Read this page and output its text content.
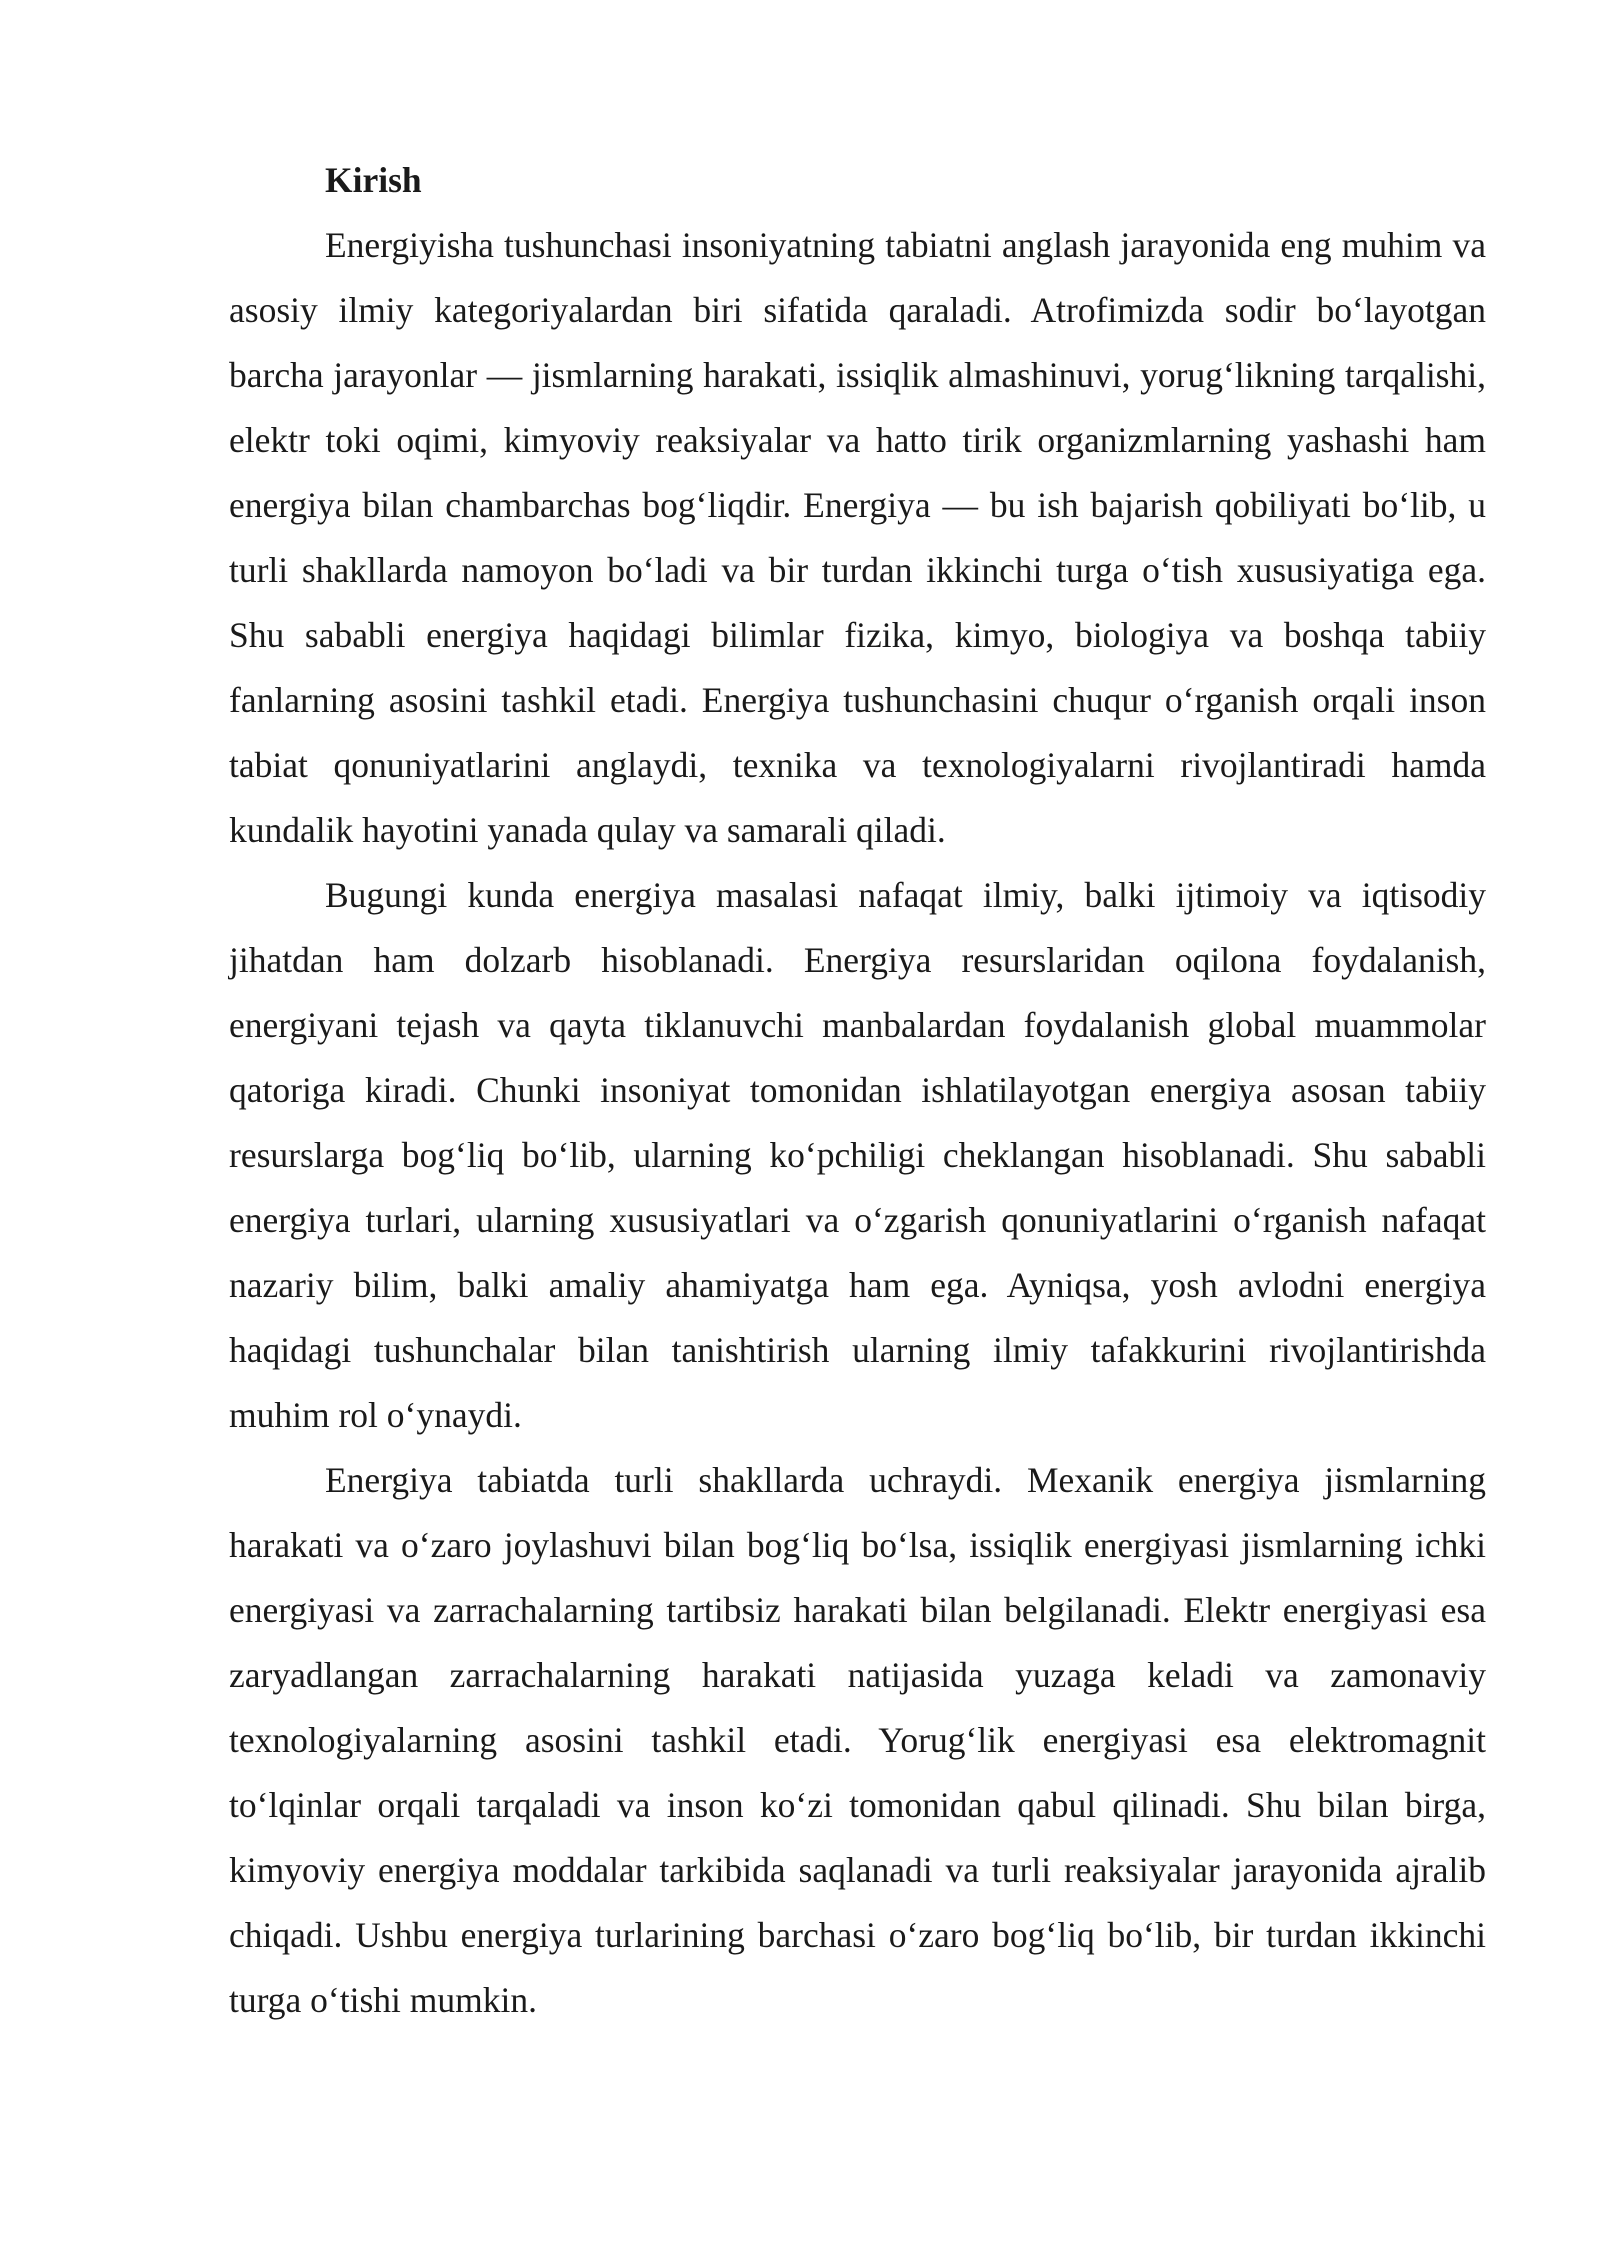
Kirish

Energiyisha tushunchasi insoniyatning tabiatni anglash jarayonida eng muhim va asosiy ilmiy kategoriyalardan biri sifatida qaraladi. Atrofimizda sodir bo‘layotgan barcha jarayonlar — jismlarning harakati, issiqlik almashinuvi, yorug‘likning tarqalishi, elektr toki oqimi, kimyoviy reaksiyalar va hatto tirik organizmlarning yashashi ham energiya bilan chambarchas bog‘liqdir. Energiya — bu ish bajarish qobiliyati bo‘lib, u turli shakllarda namoyon bo‘ladi va bir turdan ikkinchi turga o‘tish xususiyatiga ega. Shu sababli energiya haqidagi bilimlar fizika, kimyo, biologiya va boshqa tabiiy fanlarning asosini tashkil etadi. Energiya tushunchasini chuqur o‘rganish orqali inson tabiat qonuniyatlarini anglaydi, texnika va texnologiyalarni rivojlantiradi hamda kundalik hayotini yanada qulay va samarali qiladi.

Bugungi kunda energiya masalasi nafaqat ilmiy, balki ijtimoiy va iqtisodiy jihatdan ham dolzarb hisoblanadi. Energiya resurslaridan oqilona foydalanish, energiyani tejash va qayta tiklanuvchi manbalardan foydalanish global muammolar qatoriga kiradi. Chunki insoniyat tomonidan ishlatilayotgan energiya asosan tabiiy resurslarga bog‘liq bo‘lib, ularning ko‘pchiligi cheklangan hisoblanadi. Shu sababli energiya turlari, ularning xususiyatlari va o‘zgarish qonuniyatlarini o‘rganish nafaqat nazariy bilim, balki amaliy ahamiyatga ham ega. Ayniqsa, yosh avlodni energiya haqidagi tushunchalar bilan tanishtirish ularning ilmiy tafakkurini rivojlantirishda muhim rol o‘ynaydi.

Energiya tabiatda turli shakllarda uchraydi. Mexanik energiya jismlarning harakati va o‘zaro joylashuvi bilan bog‘liq bo‘lsa, issiqlik energiyasi jismlarning ichki energiyasi va zarrachalarning tartibsiz harakati bilan belgilanadi. Elektr energiyasi esa zaryadlangan zarrachalarning harakati natijasida yuzaga keladi va zamonaviy texnologiyalarning asosini tashkil etadi. Yorug‘lik energiyasi esa elektromagnit to‘lqinlar orqali tarqaladi va inson ko‘zi tomonidan qabul qilinadi. Shu bilan birga, kimyoviy energiya moddalar tarkibida saqlanadi va turli reaksiyalar jarayonida ajralib chiqadi. Ushbu energiya turlarining barchasi o‘zaro bog‘liq bo‘lib, bir turdan ikkinchi turga o‘tishi mumkin.
